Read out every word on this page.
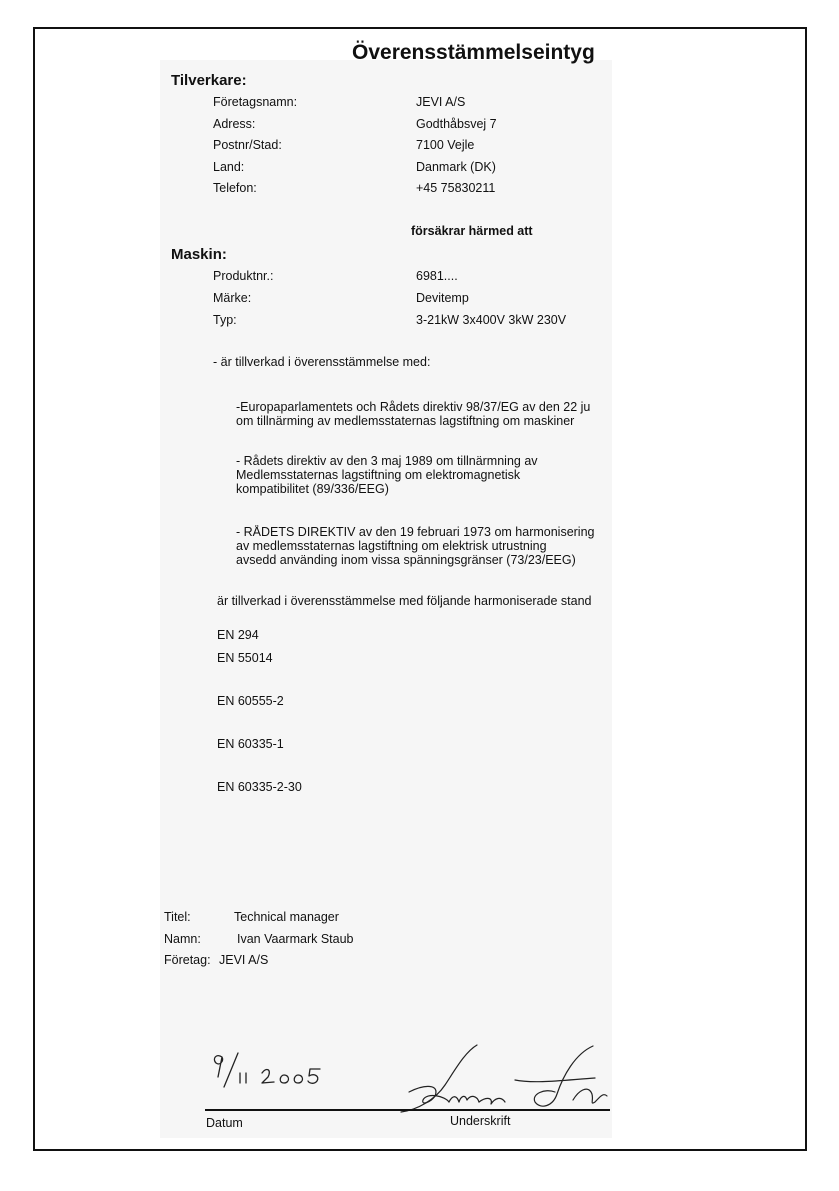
Överensstämmelseintyg
Tilverkare:
Företagsnamn:	JEVI A/S
Adress:	Godthåbsvej 7
Postnr/Stad:	7100 Vejle
Land:	Danmark (DK)
Telefon:	+45 75830211
försäkrar härmed att
Maskin:
Produktnr.:	6981....
Märke:	Devitemp
Typ:	3-21kW 3x400V 3kW 230V
- är tillverkad i överensstämmelse med:
-Europaparlamentets och Rådets direktiv 98/37/EG av den 22 ju
om tillnärming av medlemsstaternas lagstiftning om maskiner
- Rådets direktiv av den 3 maj 1989 om tillnärmning av
Medlemsstaternas lagstiftning om elektromagnetisk
kompatibilitet (89/336/EEG)
- RÅDETS DIREKTIV av den 19 februari 1973 om harmonisering
av medlemsstaternas lagstiftning om elektrisk utrustning
avsedd använding inom vissa spänningsgränser (73/23/EEG)
är tillverkad i överensstämmelse med följande harmoniserade stand
EN 294
EN 55014
EN 60555-2
EN 60335-1
EN 60335-2-30
Titel:	Technical manager
Namn:	Ivan Vaarmark Staub
Företag: JEVI A/S
Datum	Underskrift
